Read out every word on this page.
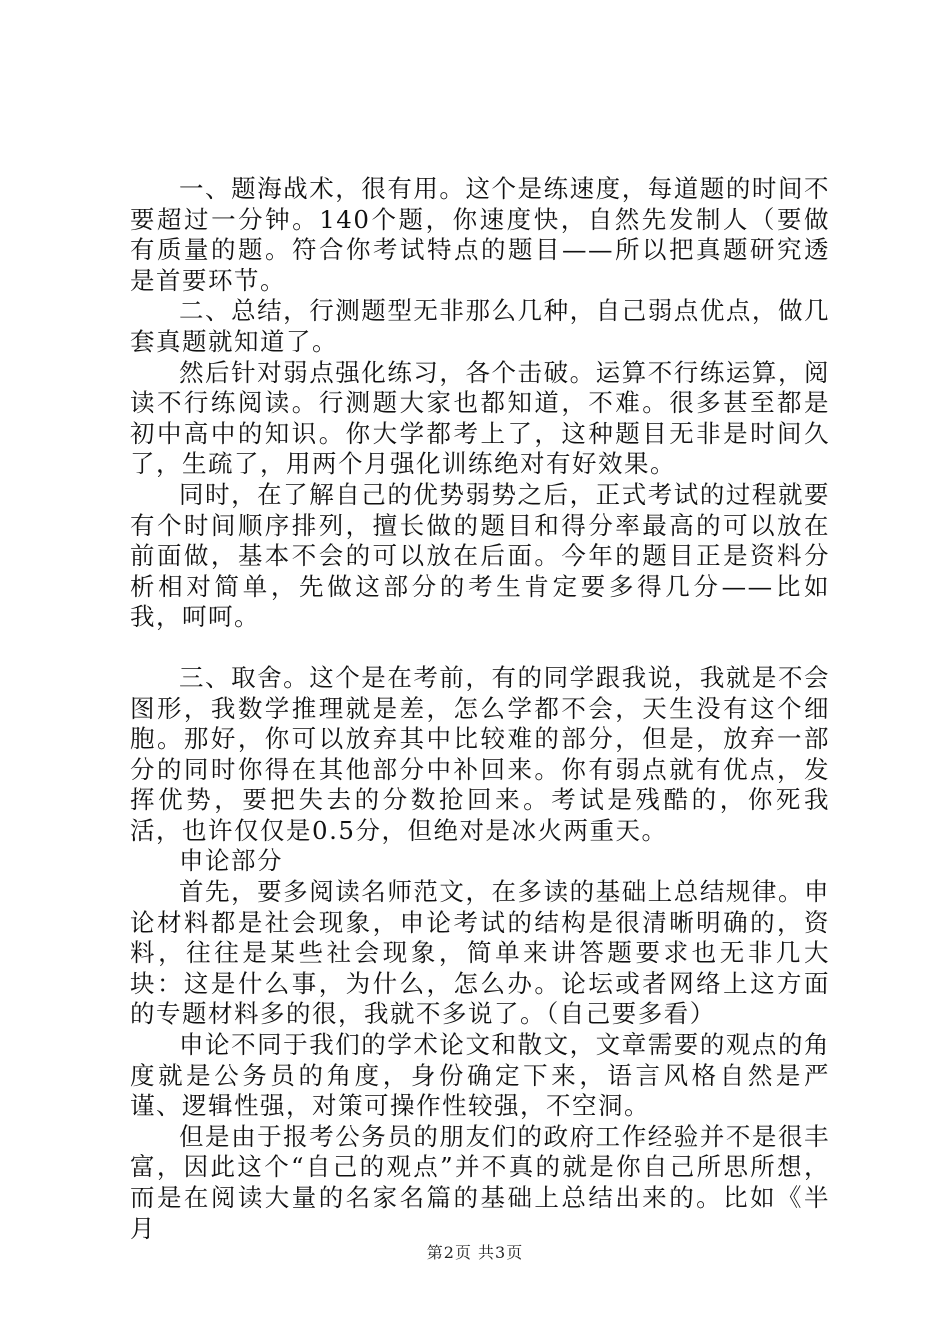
一、题海战术，很有用。这个是练速度，每道题的时间不要超过一分钟。140个题，你速度快，自然先发制人（要做有质量的题。符合你考试特点的题目——所以把真题研究透是首要环节。

二、总结，行测题型无非那么几种，自己弱点优点，做几套真题就知道了。

然后针对弱点强化练习，各个击破。运算不行练运算，阅读不行练阅读。行测题大家也都知道，不难。很多甚至都是初中高中的知识。你大学都考上了，这种题目无非是时间久了，生疏了，用两个月强化训练绝对有好效果。

同时，在了解自己的优势弱势之后，正式考试的过程就要有个时间顺序排列，擅长做的题目和得分率最高的可以放在前面做，基本不会的可以放在后面。今年的题目正是资料分析相对简单，先做这部分的考生肯定要多得几分——比如我，呵呵。

三、取舍。这个是在考前，有的同学跟我说，我就是不会图形，我数学推理就是差，怎么学都不会，天生没有这个细胞。那好，你可以放弃其中比较难的部分，但是，放弃一部分的同时你得在其他部分中补回来。你有弱点就有优点，发挥优势，要把失去的分数抢回来。考试是残酷的，你死我活，也许仅仅是0.5分，但绝对是冰火两重天。

申论部分

首先，要多阅读名师范文，在多读的基础上总结规律。申论材料都是社会现象，申论考试的结构是很清晰明确的，资料，往往是某些社会现象，简单来讲答题要求也无非几大块：这是什么事，为什么，怎么办。论坛或者网络上这方面的专题材料多的很，我就不多说了。（自己要多看）

申论不同于我们的学术论文和散文，文章需要的观点的角度就是公务员的角度，身份确定下来，语言风格自然是严谨、逻辑性强，对策可操作性较强，不空洞。

但是由于报考公务员的朋友们的政府工作经验并不是很丰富，因此这个“自己的观点”并不真的就是你自己所思所想，而是在阅读大量的名家名篇的基础上总结出来的。比如《半月

第2页 共3页
